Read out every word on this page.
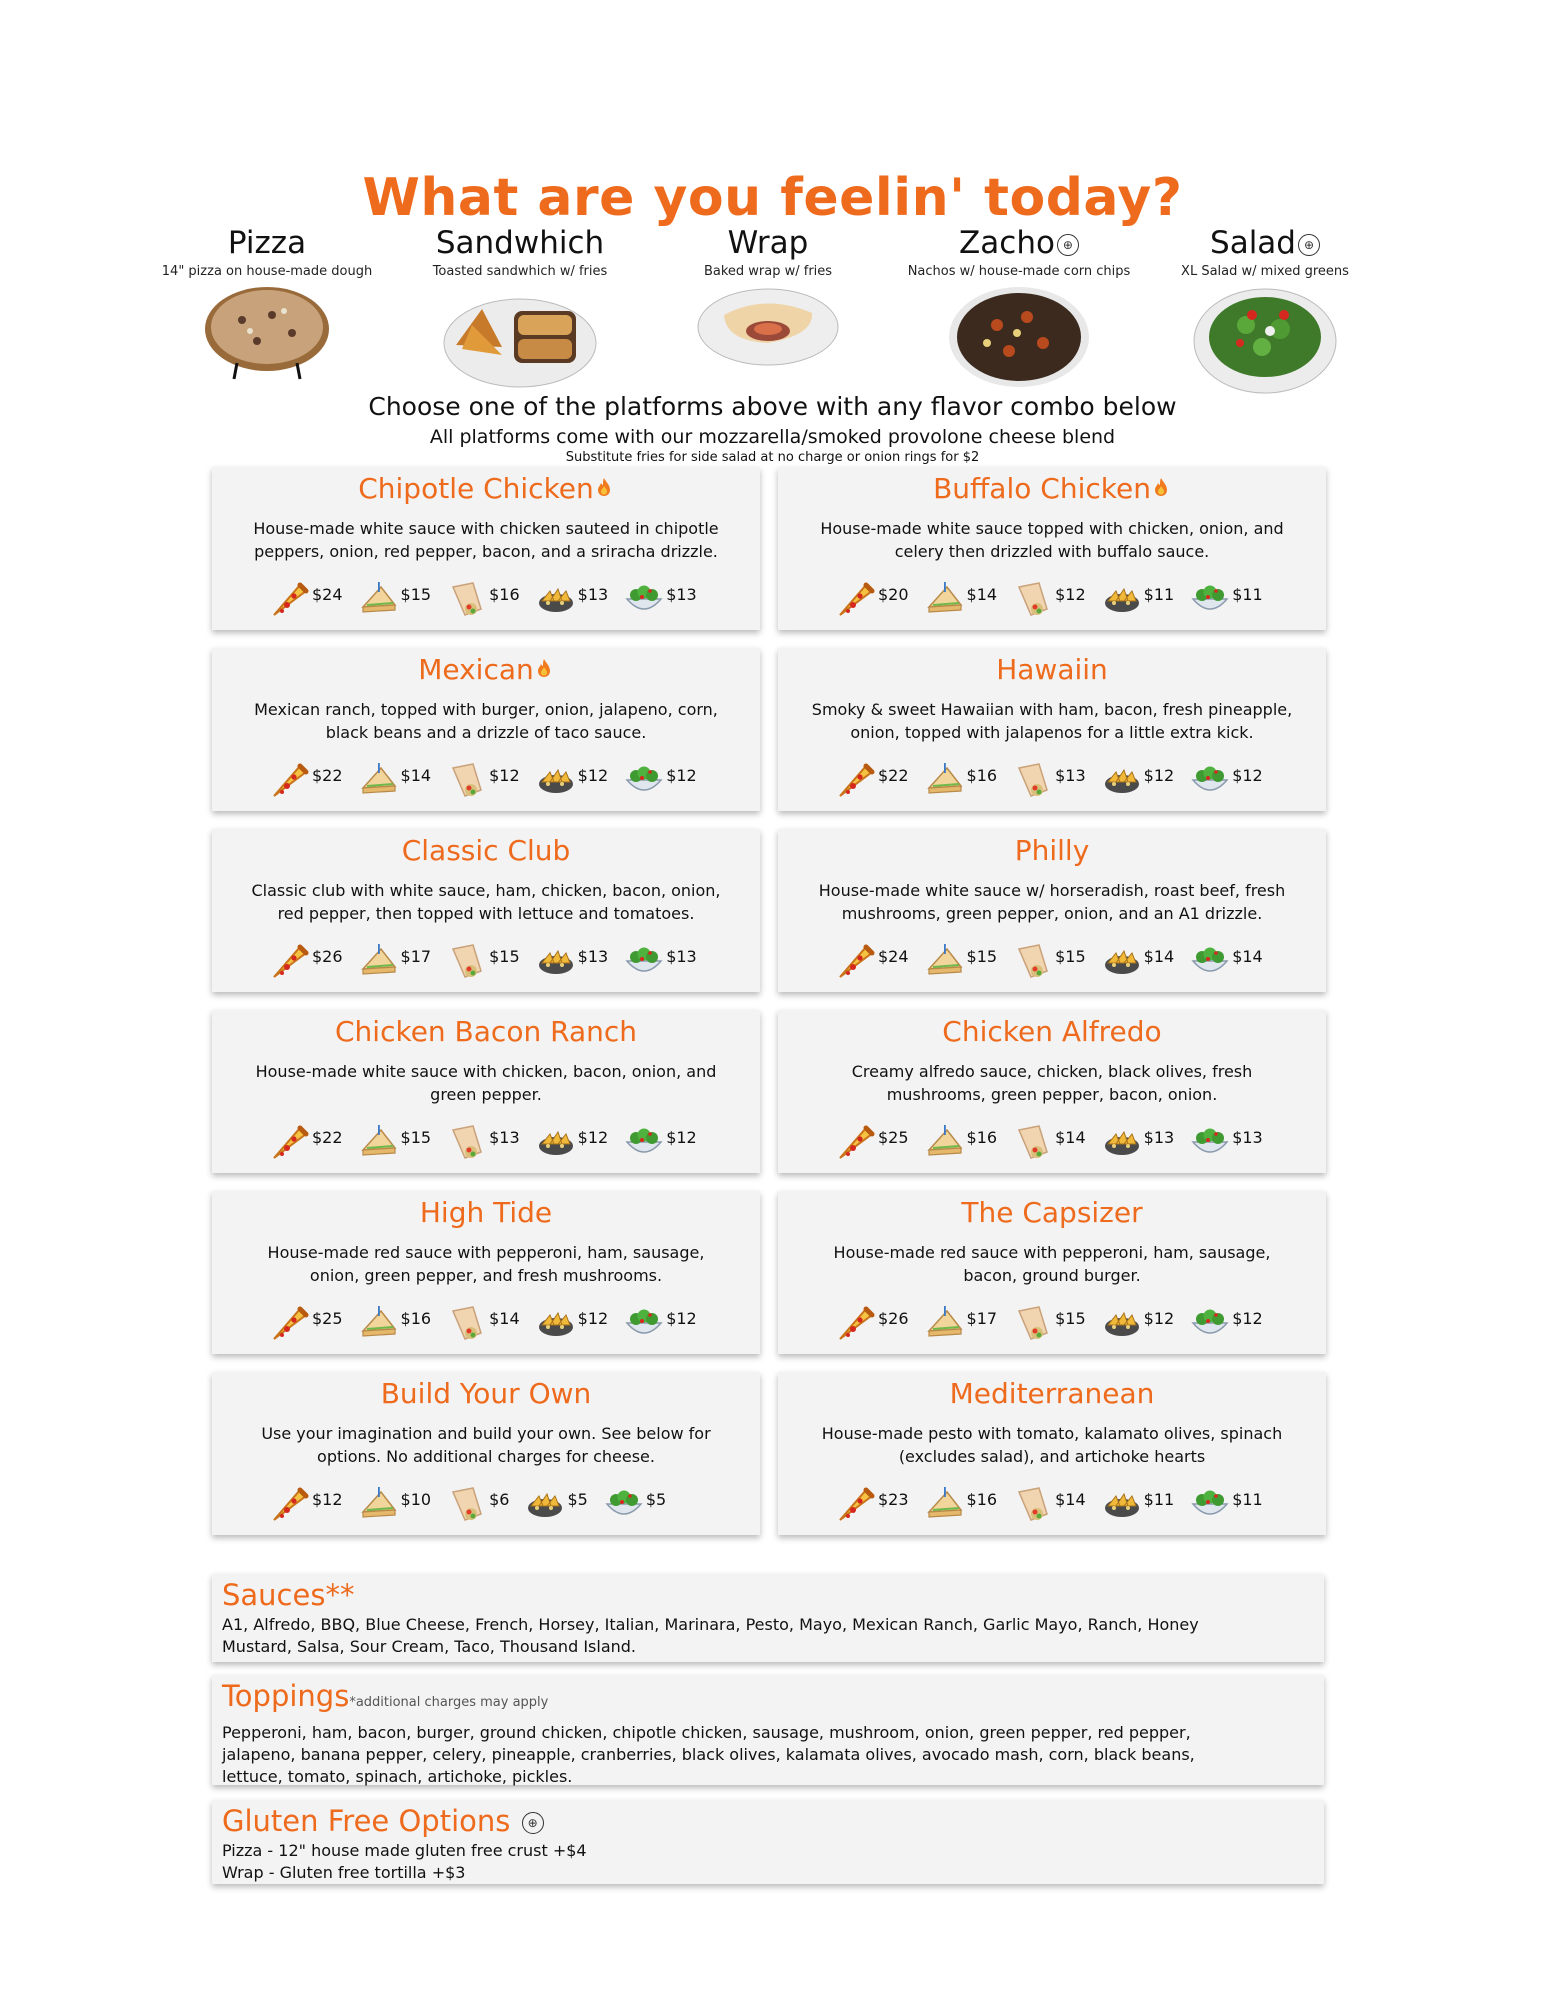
What are you feelin' today?
Pizza
14" pizza on house-made dough
Sandwhich
Toasted sandwhich w/ fries
Wrap
Baked wrap w/ fries
Zacho ⊕
Nachos w/ house-made corn chips
Salad ⊕
XL Salad w/ mixed greens
Choose one of the platforms above with any flavor combo below
All platforms come with our mozzarella/smoked provolone cheese blend
Substitute fries for side salad at no charge or onion rings for $2
Chipotle Chicken
House-made white sauce with chicken sauteed in chipotle
peppers, onion, red pepper, bacon, and a sriracha drizzle.
$24	$15	$16	$13	$13
Buffalo Chicken
House-made white sauce topped with chicken, onion, and
celery then drizzled with buffalo sauce.
$20	$14	$12	$11	$11
Mexican
Mexican ranch, topped with burger, onion, jalapeno, corn,
black beans and a drizzle of taco sauce.
$22	$14	$12	$12	$12
Hawaiin
Smoky & sweet Hawaiian with ham, bacon, fresh pineapple,
onion, topped with jalapenos for a little extra kick.
$22	$16	$13	$12	$12
Classic Club
Classic club with white sauce, ham, chicken, bacon, onion,
red pepper, then topped with lettuce and tomatoes.
$26	$17	$15	$13	$13
Philly
House-made white sauce w/ horseradish, roast beef, fresh
mushrooms, green pepper, onion, and an A1 drizzle.
$24	$15	$15	$14	$14
Chicken Bacon Ranch
House-made white sauce with chicken, bacon, onion, and
green pepper.
$22	$15	$13	$12	$12
Chicken Alfredo
Creamy alfredo sauce, chicken, black olives, fresh
mushrooms, green pepper, bacon, onion.
$25	$16	$14	$13	$13
High Tide
House-made red sauce with pepperoni, ham, sausage,
onion, green pepper, and fresh mushrooms.
$25	$16	$14	$12	$12
The Capsizer
House-made red sauce with pepperoni, ham, sausage,
bacon, ground burger.
$26	$17	$15	$12	$12
Build Your Own
Use your imagination and build your own. See below for
options. No additional charges for cheese.
$12	$10	$6	$5	$5
Mediterranean
House-made pesto with tomato, kalamato olives, spinach
(excludes salad), and artichoke hearts
$23	$16	$14	$11	$11
Sauces**
A1, Alfredo, BBQ, Blue Cheese, French, Horsey, Italian, Marinara, Pesto, Mayo, Mexican Ranch, Garlic Mayo, Ranch, Honey
Mustard, Salsa, Sour Cream, Taco, Thousand Island.
Toppings*additional charges may apply
Pepperoni, ham, bacon, burger, ground chicken, chipotle chicken, sausage, mushroom, onion, green pepper, red pepper,
jalapeno, banana pepper, celery, pineapple, cranberries, black olives, kalamata olives, avocado mash, corn, black beans,
lettuce, tomato, spinach, artichoke, pickles.
Gluten Free Options ⊕
Pizza - 12" house made gluten free crust +$4
Wrap - Gluten free tortilla +$3
